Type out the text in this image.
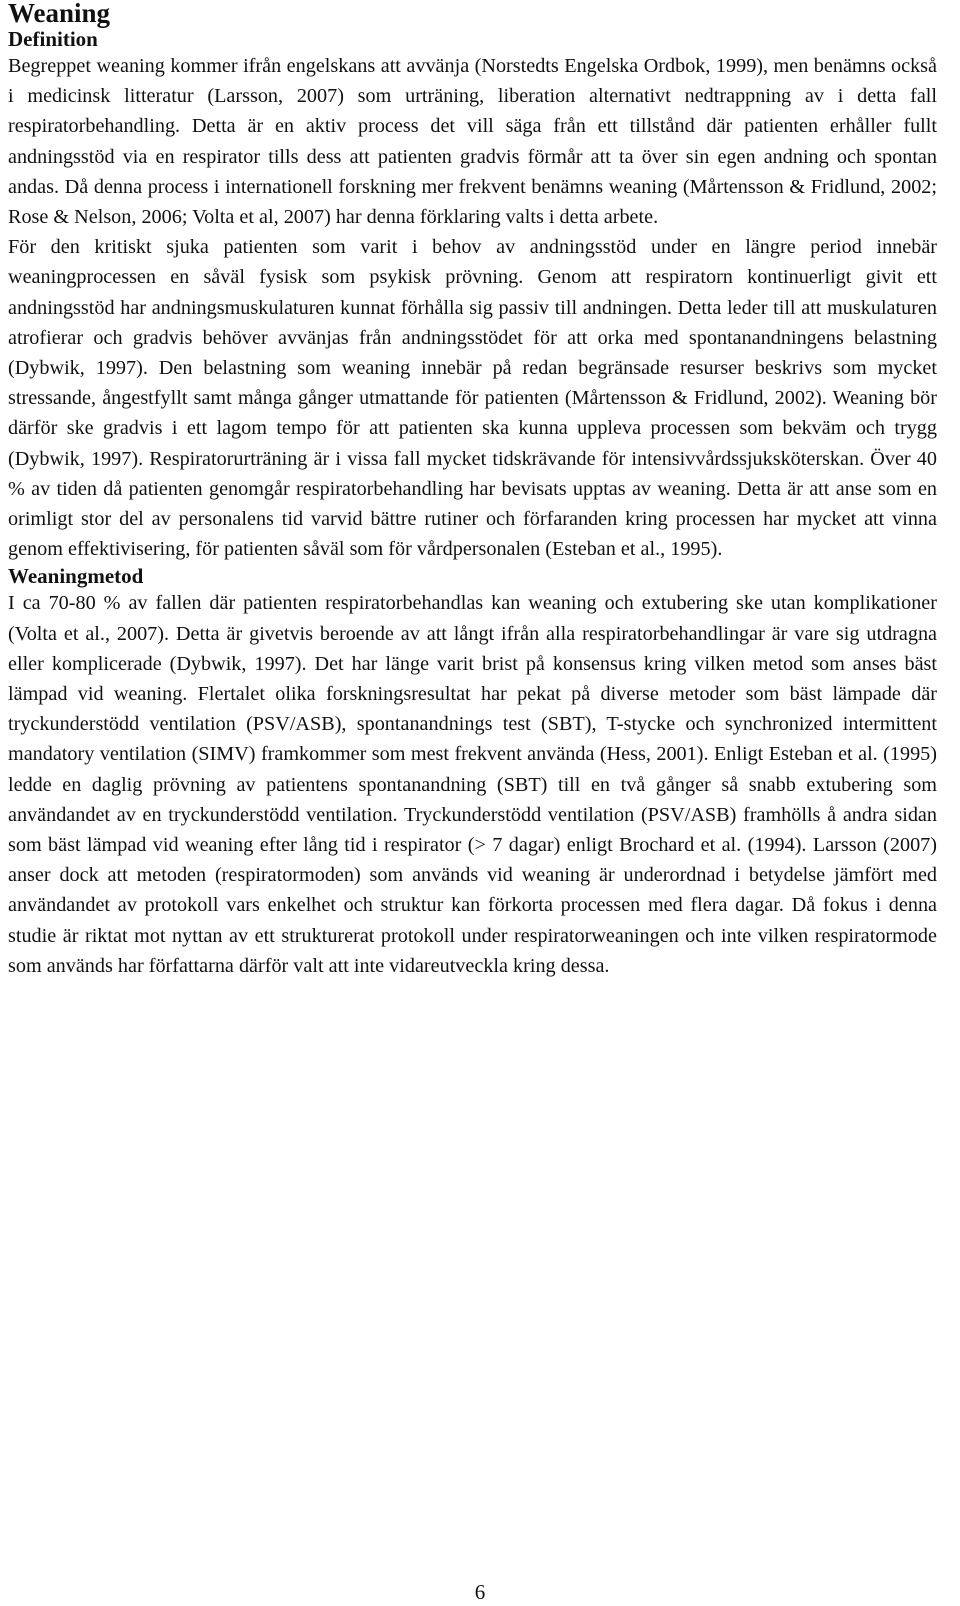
Weaning
Definition

Begreppet weaning kommer ifrån engelskans att avvänja (Norstedts Engelska Ordbok, 1999), men benämns också i medicinsk litteratur (Larsson, 2007) som urträning, liberation alternativt nedtrappning av i detta fall respiratorbehandling. Detta är en aktiv process det vill säga från ett tillstånd där patienten erhåller fullt andningsstöd via en respirator tills dess att patienten gradvis förmår att ta över sin egen andning och spontan andas. Då denna process i internationell forskning mer frekvent benämns weaning (Mårtensson & Fridlund, 2002; Rose & Nelson, 2006; Volta et al, 2007) har denna förklaring valts i detta arbete.

För den kritiskt sjuka patienten som varit i behov av andningsstöd under en längre period innebär weaningprocessen en såväl fysisk som psykisk prövning. Genom att respiratorn kontinuerligt givit ett andningsstöd har andningsmuskulaturen kunnat förhålla sig passiv till andningen. Detta leder till att muskulaturen atrofierar och gradvis behöver avvänjas från andningsstödet för att orka med spontanandningens belastning (Dybwik, 1997). Den belastning som weaning innebär på redan begränsade resurser beskrivs som mycket stressande, ångestfyllt samt många gånger utmattande för patienten (Mårtensson & Fridlund, 2002). Weaning bör därför ske gradvis i ett lagom tempo för att patienten ska kunna uppleva processen som bekväm och trygg (Dybwik, 1997). Respiratorurträning är i vissa fall mycket tidskrävande för intensivvårdssjuksköterskan. Över 40 % av tiden då patienten genomgår respiratorbehandling har bevisats upptas av weaning. Detta är att anse som en orimligt stor del av personalens tid varvid bättre rutiner och förfaranden kring processen har mycket att vinna genom effektivisering, för patienten såväl som för vårdpersonalen (Esteban et al., 1995).

Weaningmetod

I ca 70-80 % av fallen där patienten respiratorbehandlas kan weaning och extubering ske utan komplikationer (Volta et al., 2007). Detta är givetvis beroende av att långt ifrån alla respiratorbehandlingar är vare sig utdragna eller komplicerade (Dybwik, 1997). Det har länge varit brist på konsensus kring vilken metod som anses bäst lämpad vid weaning. Flertalet olika forskningsresultat har pekat på diverse metoder som bäst lämpade där tryckunderstödd ventilation (PSV/ASB), spontanandnings test (SBT), T-stycke och synchronized intermittent mandatory ventilation (SIMV) framkommer som mest frekvent använda (Hess, 2001). Enligt Esteban et al. (1995) ledde en daglig prövning av patientens spontanandning (SBT) till en två gånger så snabb extubering som användandet av en tryckunderstödd ventilation. Tryckunderstödd ventilation (PSV/ASB) framhölls å andra sidan som bäst lämpad vid weaning efter lång tid i respirator (> 7 dagar) enligt Brochard et al. (1994). Larsson (2007) anser dock att metoden (respiratormoden) som används vid weaning är underordnad i betydelse jämfört med användandet av protokoll vars enkelhet och struktur kan förkorta processen med flera dagar. Då fokus i denna studie är riktat mot nyttan av ett strukturerat protokoll under respiratorweaningen och inte vilken respiratormode som används har författarna därför valt att inte vidareutveckla kring dessa.

6
